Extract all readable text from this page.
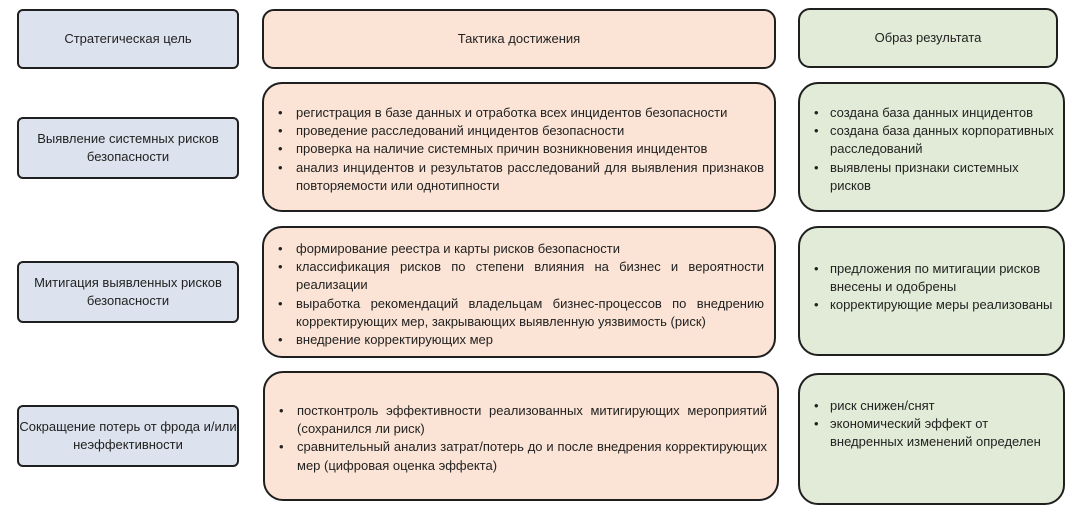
Стратегическая цель	Тактика достижения	Образ результата
Выявление системных рисков безопасности
• регистрация в базе данных и отработка всех инцидентов безопасности
• проведение расследований инцидентов безопасности
• проверка на наличие системных причин возникновения инцидентов
• анализ инцидентов и результатов расследований для выявления признаков повторяемости или однотипности
• создана база данных инцидентов
• создана база данных корпоративных расследований
• выявлены признаки системных рисков
Митигация выявленных рисков безопасности
• формирование реестра и карты рисков безопасности
• классификация рисков по степени влияния на бизнес и вероятности реализации
• выработка рекомендаций владельцам бизнес-процессов по внедрению корректирующих мер, закрывающих выявленную уязвимость (риск)
• внедрение корректирующих мер
• предложения по митигации рисков внесены и одобрены
• корректирующие меры реализованы
Сокращение потерь от фрода и/или неэффективности
• постконтроль эффективности реализованных митигирующих мероприятий (сохранился ли риск)
• сравнительный анализ затрат/потерь до и после внедрения корректирующих мер (цифровая оценка эффекта)
• риск снижен/снят
• экономический эффект от внедренных изменений определен
